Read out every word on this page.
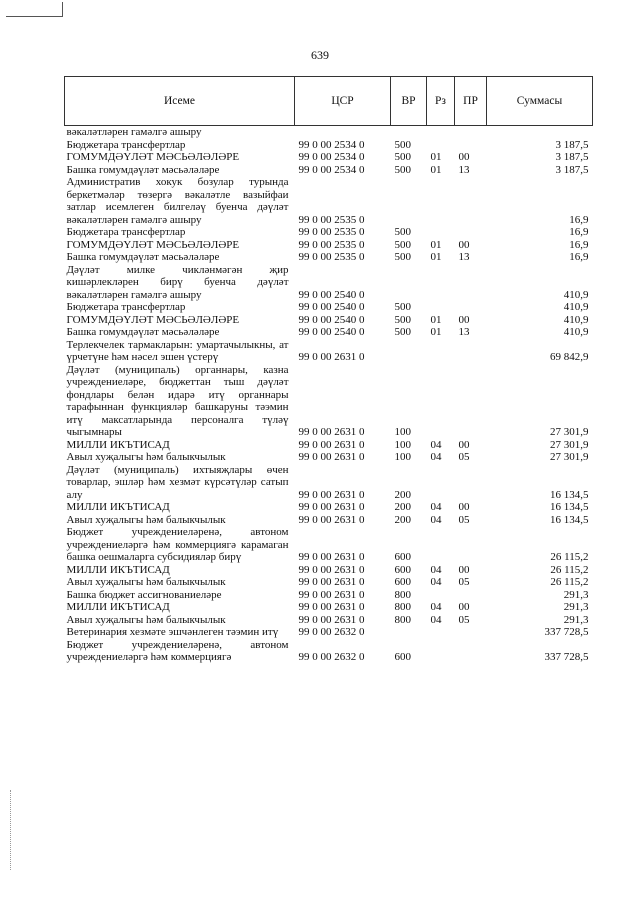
639
Исеме	ЦСР	ВР	Рз	ПР	Суммасы
вәкаләтләрен гамәлгә ашыру					
Бюджетара трансфертлар	99 0 00 2534 0	500			3 187,5
ГОМУМДӘҮЛӘТ МӘСЬӘЛӘЛӘРЕ	99 0 00 2534 0	500	01	00	3 187,5
Башка гомумдәүләт мәсьәләләре	99 0 00 2534 0	500	01	13	3 187,5
Административ хокук бозулар турында беркетмәләр төзергә вәкаләтле вазыйфаи затлар исемлеген билгеләү буенча дәүләт вәкаләтләрен гамәлгә ашыру	99 0 00 2535 0				16,9
Бюджетара трансфертлар	99 0 00 2535 0	500			16,9
ГОМУМДӘҮЛӘТ МӘСЬӘЛӘЛӘРЕ	99 0 00 2535 0	500	01	00	16,9
Башка гомумдәүләт мәсьәләләре	99 0 00 2535 0	500	01	13	16,9
Дәүләт милке чикләнмәгән җир кишәрлекләрен бирү буенча дәүләт вәкаләтләрен гамәлгә ашыру	99 0 00 2540 0				410,9
Бюджетара трансфертлар	99 0 00 2540 0	500			410,9
ГОМУМДӘҮЛӘТ МӘСЬӘЛӘЛӘРЕ	99 0 00 2540 0	500	01	00	410,9
Башка гомумдәүләт мәсьәләләре	99 0 00 2540 0	500	01	13	410,9
Терлекчелек тармакларын: умартачылыкны, ат үрчетүне һәм нәсел эшен үстерү	99 0 00 2631 0				69 842,9
Дәүләт (муниципаль) органнары, казна учреждениеләре, бюджеттан тыш дәүләт фондлары белән идарә итү органнары тарафыннан функцияләр башкаруны тәэмин итү максатларында персоналга түләү чыгымнары	99 0 00 2631 0	100			27 301,9
МИЛЛИ ИКЪТИСАД	99 0 00 2631 0	100	04	00	27 301,9
Авыл хуҗалыгы һәм балыкчылык	99 0 00 2631 0	100	04	05	27 301,9
Дәүләт (муниципаль) ихтыяҗлары өчен товарлар, эшләр һәм хезмәт күрсәтүләр сатып алу	99 0 00 2631 0	200			16 134,5
МИЛЛИ ИКЪТИСАД	99 0 00 2631 0	200	04	00	16 134,5
Авыл хуҗалыгы һәм балыкчылык	99 0 00 2631 0	200	04	05	16 134,5
Бюджет учреждениеләренә, автоном учреждениеләргә һәм коммерциягә карамаган башка оешмаларга субсидияләр бирү	99 0 00 2631 0	600			26 115,2
МИЛЛИ ИКЪТИСАД	99 0 00 2631 0	600	04	00	26 115,2
Авыл хуҗалыгы һәм балыкчылык	99 0 00 2631 0	600	04	05	26 115,2
Башка бюджет ассигнованиеләре	99 0 00 2631 0	800			291,3
МИЛЛИ ИКЪТИСАД	99 0 00 2631 0	800	04	00	291,3
Авыл хуҗалыгы һәм балыкчылык	99 0 00 2631 0	800	04	05	291,3
Ветеринария хезмәте эшчәнлеген тәэмин итү	99 0 00 2632 0				337 728,5
Бюджет учреждениеләренә, автоном учреждениеләргә һәм коммерциягә	99 0 00 2632 0	600			337 728,5
